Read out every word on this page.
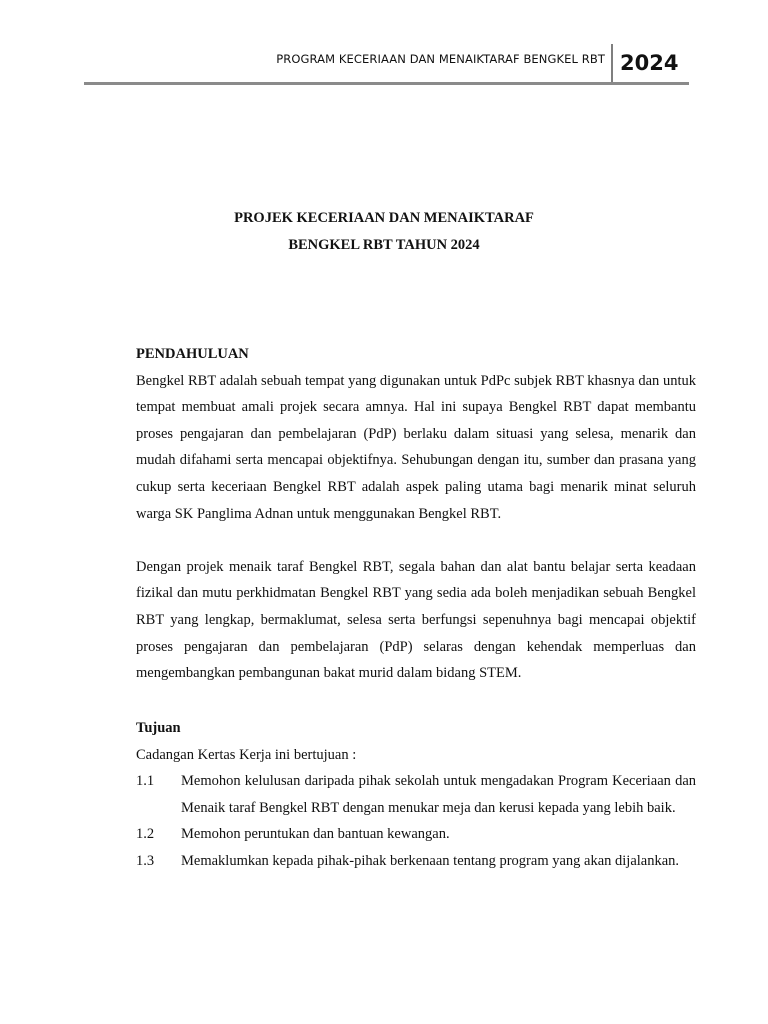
PROGRAM KECERIAAN DAN MENAIKTARAF BENGKEL RBT 2024
PROJEK KECERIAAN DAN MENAIKTARAF
BENGKEL RBT TAHUN 2024

PENDAHULUAN

Bengkel RBT adalah sebuah tempat yang digunakan untuk PdPc subjek RBT khasnya dan untuk tempat membuat amali projek secara amnya. Hal ini supaya Bengkel RBT dapat membantu proses pengajaran dan pembelajaran (PdP) berlaku dalam situasi yang selesa, menarik dan mudah difahami serta mencapai objektifnya. Sehubungan dengan itu, sumber dan prasana yang cukup serta keceriaan Bengkel RBT adalah aspek paling utama bagi menarik minat seluruh warga SK Panglima Adnan untuk menggunakan Bengkel RBT.

Dengan projek menaik taraf Bengkel RBT, segala bahan dan alat bantu belajar serta keadaan fizikal dan mutu perkhidmatan Bengkel RBT yang sedia ada boleh menjadikan sebuah Bengkel RBT yang lengkap, bermaklumat, selesa serta berfungsi sepenuhnya bagi mencapai objektif proses pengajaran dan pembelajaran (PdP) selaras dengan kehendak memperluas dan mengembangkan pembangunan bakat murid dalam bidang STEM.

Tujuan

Cadangan Kertas Kerja ini bertujuan :

1.1	Memohon kelulusan daripada pihak sekolah untuk mengadakan Program Keceriaan dan Menaik taraf Bengkel RBT dengan menukar meja dan kerusi kepada yang lebih baik.
1.2	Memohon peruntukan dan bantuan kewangan.
1.3	Memaklumkan kepada pihak-pihak berkenaan tentang program yang akan dijalankan.
